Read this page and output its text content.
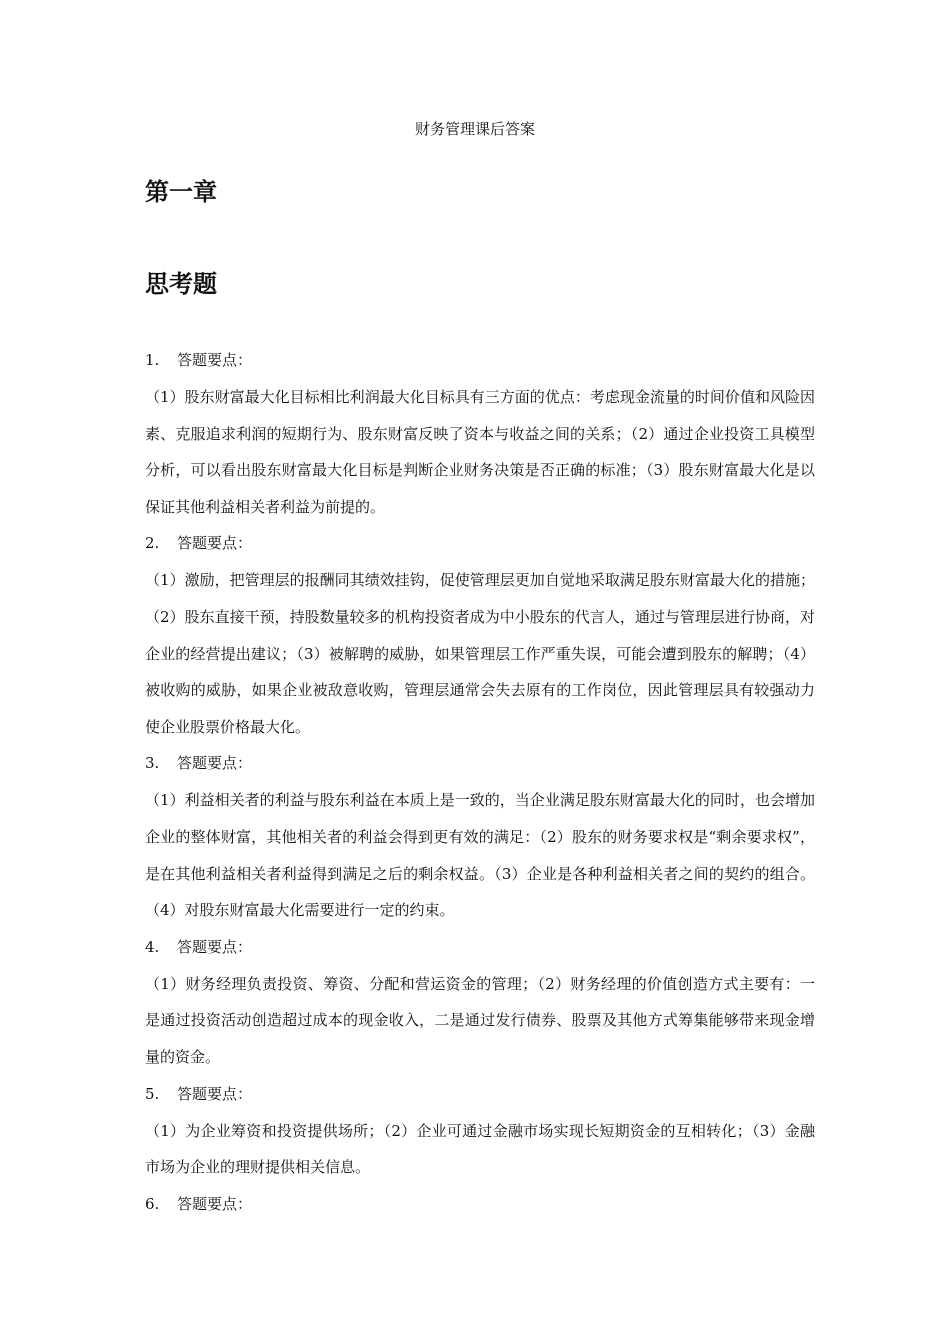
财务管理课后答案
第一章
思考题
1. 答题要点：
（1）股东财富最大化目标相比利润最大化目标具有三方面的优点：考虑现金流量的时间价值和风险因素、克服追求利润的短期行为、股东财富反映了资本与收益之间的关系；（2）通过企业投资工具模型分析，可以看出股东财富最大化目标是判断企业财务决策是否正确的标准；（3）股东财富最大化是以保证其他利益相关者利益为前提的。
2. 答题要点：
（1）激励，把管理层的报酬同其绩效挂钩，促使管理层更加自觉地采取满足股东财富最大化的措施；（2）股东直接干预，持股数量较多的机构投资者成为中小股东的代言人，通过与管理层进行协商，对企业的经营提出建议；（3）被解聘的威胁，如果管理层工作严重失误，可能会遭到股东的解聘；（4）被收购的威胁，如果企业被敌意收购，管理层通常会失去原有的工作岗位，因此管理层具有较强动力使企业股票价格最大化。
3. 答题要点：
（1）利益相关者的利益与股东利益在本质上是一致的，当企业满足股东财富最大化的同时，也会增加企业的整体财富，其他相关者的利益会得到更有效的满足：（2）股东的财务要求权是“剩余要求权”，是在其他利益相关者利益得到满足之后的剩余权益。（3）企业是各种利益相关者之间的契约的组合。（4）对股东财富最大化需要进行一定的约束。
4. 答题要点：
（1）财务经理负责投资、筹资、分配和营运资金的管理；（2）财务经理的价值创造方式主要有：一是通过投资活动创造超过成本的现金收入，二是通过发行债券、股票及其他方式筹集能够带来现金增量的资金。
5. 答题要点：
（1）为企业筹资和投资提供场所；（2）企业可通过金融市场实现长短期资金的互相转化；（3）金融市场为企业的理财提供相关信息。
6. 答题要点：
